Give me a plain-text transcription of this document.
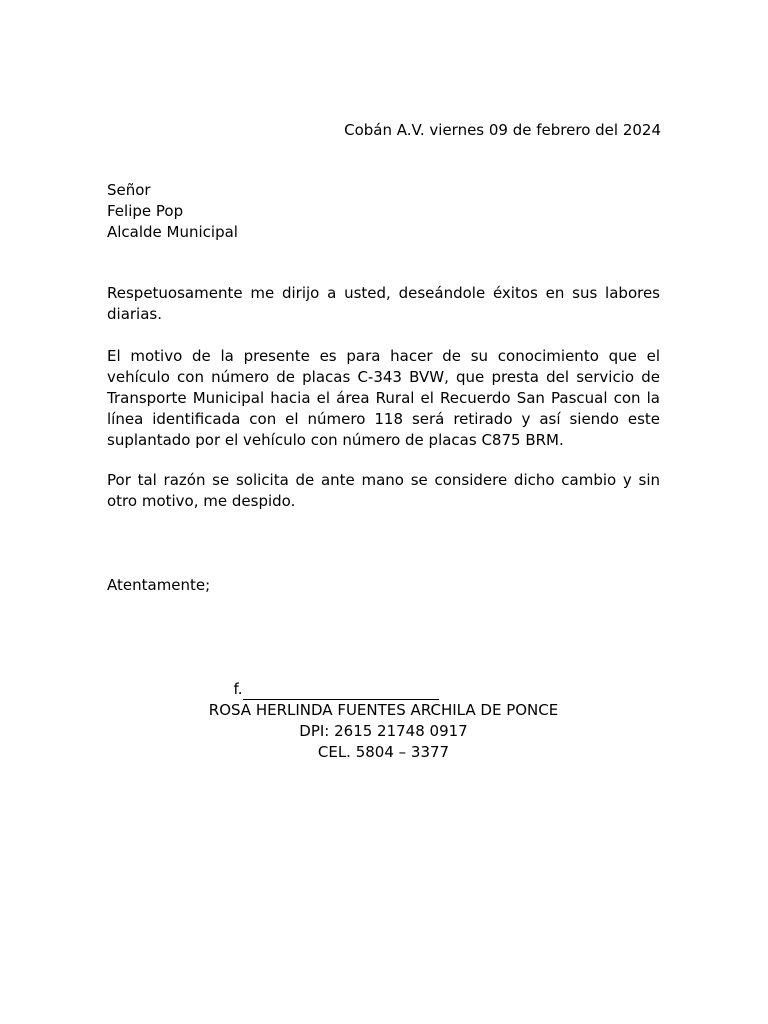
Cobán A.V. viernes 09 de febrero del 2024
Señor
Felipe Pop
Alcalde Municipal

Respetuosamente me dirijo a usted, deseándole éxitos en sus labores diarias.

El motivo de la presente es para hacer de su conocimiento que el vehículo con número de placas C-343 BVW, que presta del servicio de Transporte Municipal hacia el área Rural el Recuerdo San Pascual con la línea identificada con el número 118 será retirado y así siendo este suplantado por el vehículo con número de placas C875 BRM.

Por tal razón se solicita de ante mano se considere dicho cambio y sin otro motivo, me despido.

Atentamente;
f.
ROSA HERLINDA FUENTES ARCHILA DE PONCE
DPI: 2615 21748 0917
CEL. 5804 – 3377
